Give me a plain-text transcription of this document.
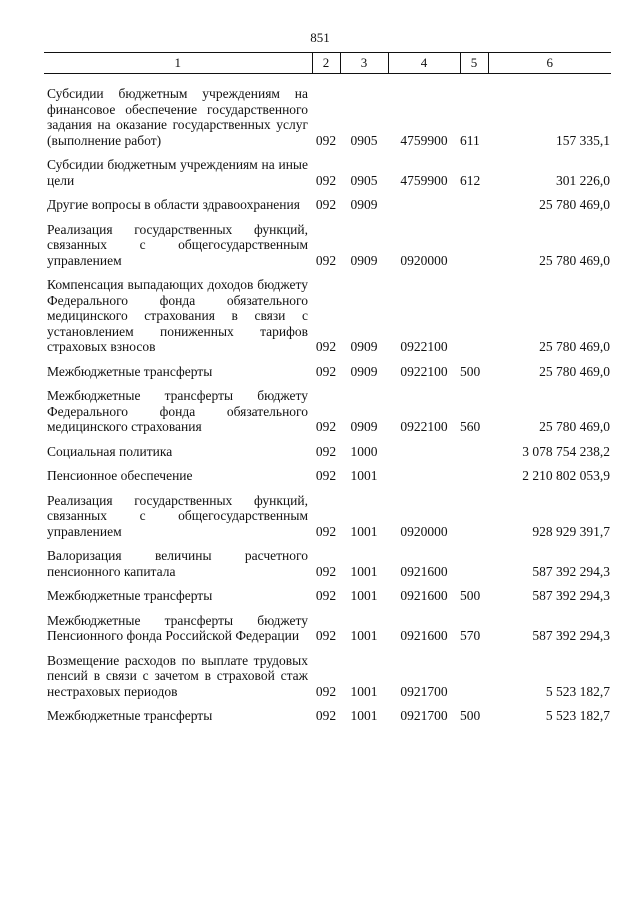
851
1	2	3	4	5	6
Субсидии бюджетным учреждениям на финансовое обеспечение государственного задания на оказание государственных услуг (выполнение работ)	092	0905	4759900	611	157 335,1
Субсидии бюджетным учреждениям на иные цели	092	0905	4759900	612	301 226,0
Другие вопросы в области здравоохранения	092	0909			25 780 469,0
Реализация государственных функций, связанных с общегосударственным управлением	092	0909	0920000		25 780 469,0
Компенсация выпадающих доходов бюджету Федерального фонда обязательного медицинского страхования в связи с установлением пониженных тарифов страховых взносов	092	0909	0922100		25 780 469,0
Межбюджетные трансферты	092	0909	0922100	500	25 780 469,0
Межбюджетные трансферты бюджету Федерального фонда обязательного медицинского страхования	092	0909	0922100	560	25 780 469,0
Социальная политика	092	1000			3 078 754 238,2
Пенсионное обеспечение	092	1001			2 210 802 053,9
Реализация государственных функций, связанных с общегосударственным управлением	092	1001	0920000		928 929 391,7
Валоризация величины расчетного пенсионного капитала	092	1001	0921600		587 392 294,3
Межбюджетные трансферты	092	1001	0921600	500	587 392 294,3
Межбюджетные трансферты бюджету Пенсионного фонда Российской Федерации	092	1001	0921600	570	587 392 294,3
Возмещение расходов по выплате трудовых пенсий в связи с зачетом в страховой стаж нестраховых периодов	092	1001	0921700		5 523 182,7
Межбюджетные трансферты	092	1001	0921700	500	5 523 182,7
